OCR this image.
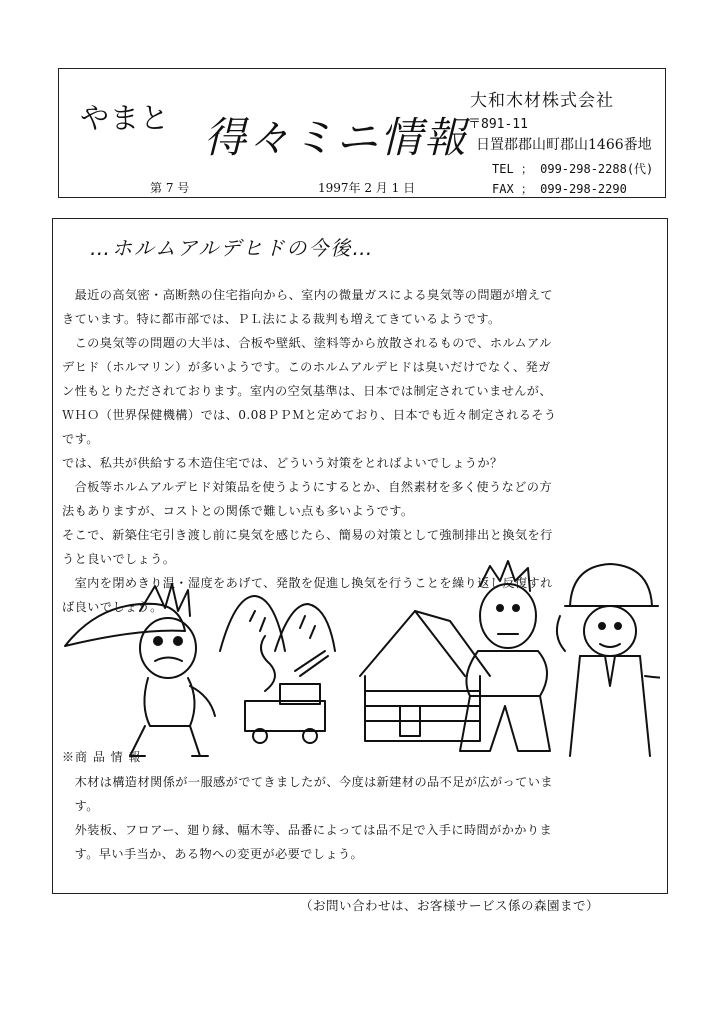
やまと 得々ミニ情報
大和木材株式会社
〒891-11
日置郡郡山町郡山1466番地
TEL ； 099-298-2288(代)
FAX ； 099-298-2290
第 7 号	1997年 2 月 1 日
…ホルムアルデヒドの今後…
　最近の高気密・高断熱の住宅指向から、室内の微量ガスによる臭気等の問題が増えて
きています。特に都市部では、ＰＬ法による裁判も増えてきているようです。
　この臭気等の問題の大半は、合板や壁紙、塗料等から放散されるもので、ホルムアル
デヒド（ホルマリン）が多いようです。このホルムアルデヒドは臭いだけでなく、発ガ
ン性もとりただされております。室内の空気基準は、日本では制定されていませんが、
ＷＨＯ（世界保健機構）では、0.08ＰＰＭと定めており、日本でも近々制定されるそう
です。
では、私共が供給する木造住宅では、どういう対策をとればよいでしょうか？
　合板等ホルムアルデヒド対策品を使うようにするとか、自然素材を多く使うなどの方
法もありますが、コストとの関係で難しい点も多いようです。
そこで、新築住宅引き渡し前に臭気を感じたら、簡易の対策として強制排出と換気を行
うと良いでしょう。
　室内を閉めきり温・湿度をあげて、発散を促進し換気を行うことを繰り返し反復すれ
ば良いでしょう。
※商 品 情 報
　木材は構造材関係が一服感がでてきましたが、今度は新建材の品不足が広がっていま
　す。
　外装板、フロアー、廻り縁、幅木等、品番によっては品不足で入手に時間がかかりま
　す。早い手当か、ある物への変更が必要でしょう。
（お問い合わせは、お客様サービス係の森園まで）
